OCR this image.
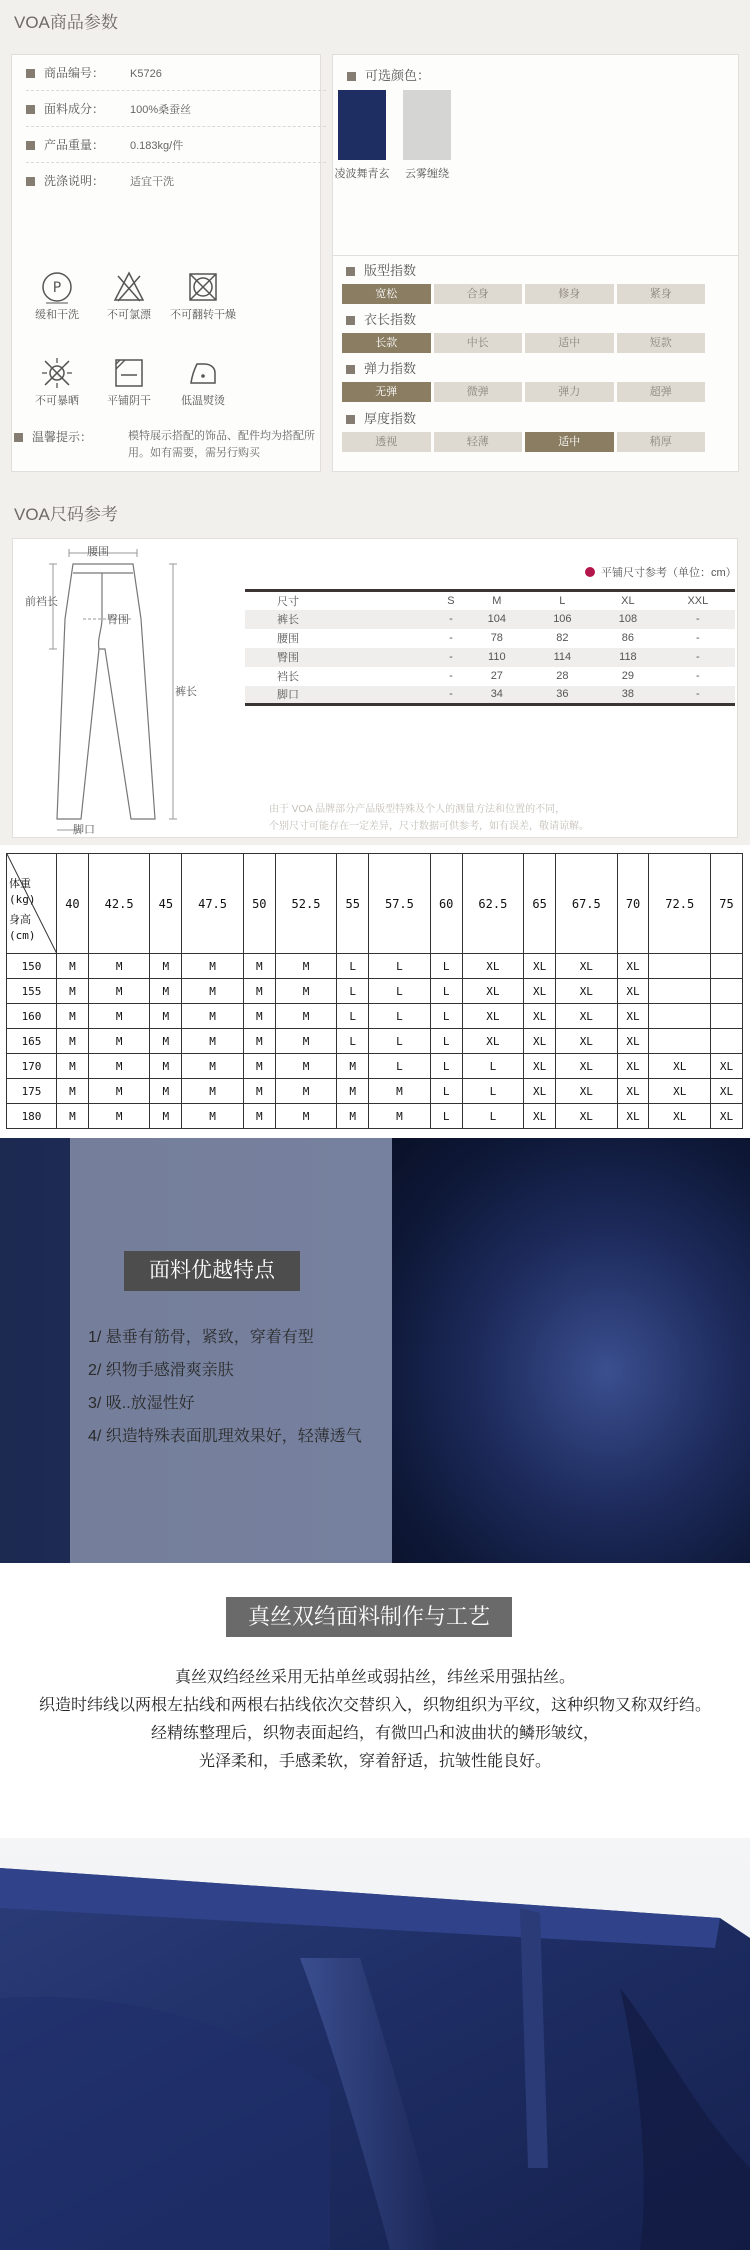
VOA商品参数
商品编号： K5726
面料成分： 100%桑蚕丝
产品重量： 0.183kg/件
洗涤说明： 适宜干洗
P
缓和干洗	不可氯漂	不可翻转干燥
不可暴晒	平铺阴干	低温熨烫
温馨提示：	模特展示搭配的饰品、配件均为搭配所用。如有需要，需另行购买
可选颜色：
凌波舞青玄	云雾缠绕
版型指数
宽松	合身	修身	紧身
衣长指数
长款	中长	适中	短款
弹力指数
无弹	微弹	弹力	超弹
厚度指数
透视	轻薄	适中	稍厚
VOA尺码参考
腰围
前裆长
臀围
裤长
脚口
平铺尺寸参考（单位：cm）
尺寸	S	M	L	XL	XXL
裤长	-	104	106	108	-
腰围	-	78	82	86	-
臀围	-	110	114	118	-
裆长	-	27	28	29	-
脚口	-	34	36	38	-
由于 VOA 品牌部分产品版型特殊及个人的测量方法和位置的不同，
个别尺寸可能存在一定差异，尺寸数据可供参考，如有误差，敬请谅解。
体重(kg)
身高(cm)	40	42.5	45	47.5	50	52.5	55	57.5	60	62.5	65	67.5	70	72.5	75
150	M	M	M	M	M	M	L	L	L	XL	XL	XL	XL		
155	M	M	M	M	M	M	L	L	L	XL	XL	XL	XL		
160	M	M	M	M	M	M	L	L	L	XL	XL	XL	XL		
165	M	M	M	M	M	M	L	L	L	XL	XL	XL	XL		
170	M	M	M	M	M	M	M	L	L	L	XL	XL	XL	XL	XL
175	M	M	M	M	M	M	M	M	L	L	XL	XL	XL	XL	XL
180	M	M	M	M	M	M	M	M	L	L	XL	XL	XL	XL	XL
面料优越特点
1/ 悬垂有筋骨，紧致，穿着有型
2/ 织物手感滑爽亲肤
3/ 吸..放湿性好
4/ 织造特殊表面肌理效果好，轻薄透气
真丝双绉面料制作与工艺
真丝双绉经丝采用无拈单丝或弱拈丝，纬丝采用强拈丝。
织造时纬线以两根左拈线和两根右拈线依次交替织入，织物组织为平纹，这种织物又称双纡绉。
经精练整理后，织物表面起绉，有微凹凸和波曲状的鳞形皱纹，
光泽柔和，手感柔软，穿着舒适，抗皱性能良好。
